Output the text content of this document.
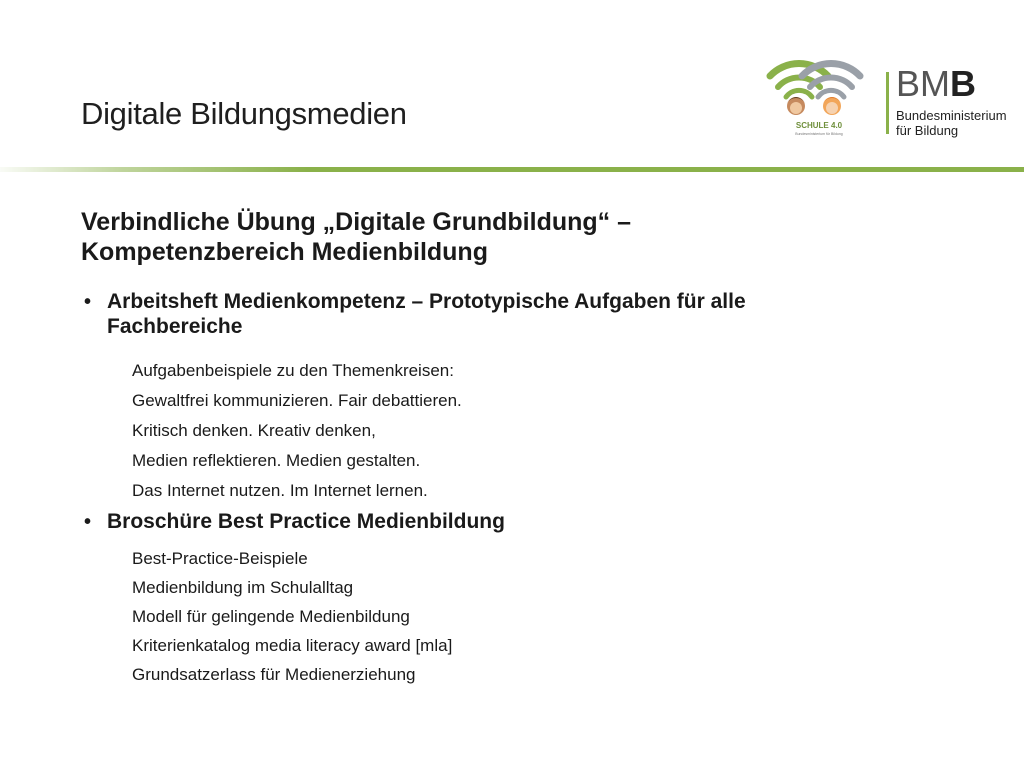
Digitale Bildungsmedien	SCHULE 4.0
Bundesministerium für Bildung
BMB
Bundesministerium
für Bildung
Verbindliche Übung „Digitale Grundbildung“ –
Kompetenzbereich Medienbildung
• Arbeitsheft Medienkompetenz – Prototypische Aufgaben für alle
Fachbereiche
Aufgabenbeispiele zu den Themenkreisen:
Gewaltfrei kommunizieren. Fair debattieren.
Kritisch denken. Kreativ denken,
Medien reflektieren. Medien gestalten.
Das Internet nutzen. Im Internet lernen.
• Broschüre Best Practice Medienbildung
Best-Practice-Beispiele
Medienbildung im Schulalltag
Modell für gelingende Medienbildung
Kriterienkatalog media literacy award [mla]
Grundsatzerlass für Medienerziehung
